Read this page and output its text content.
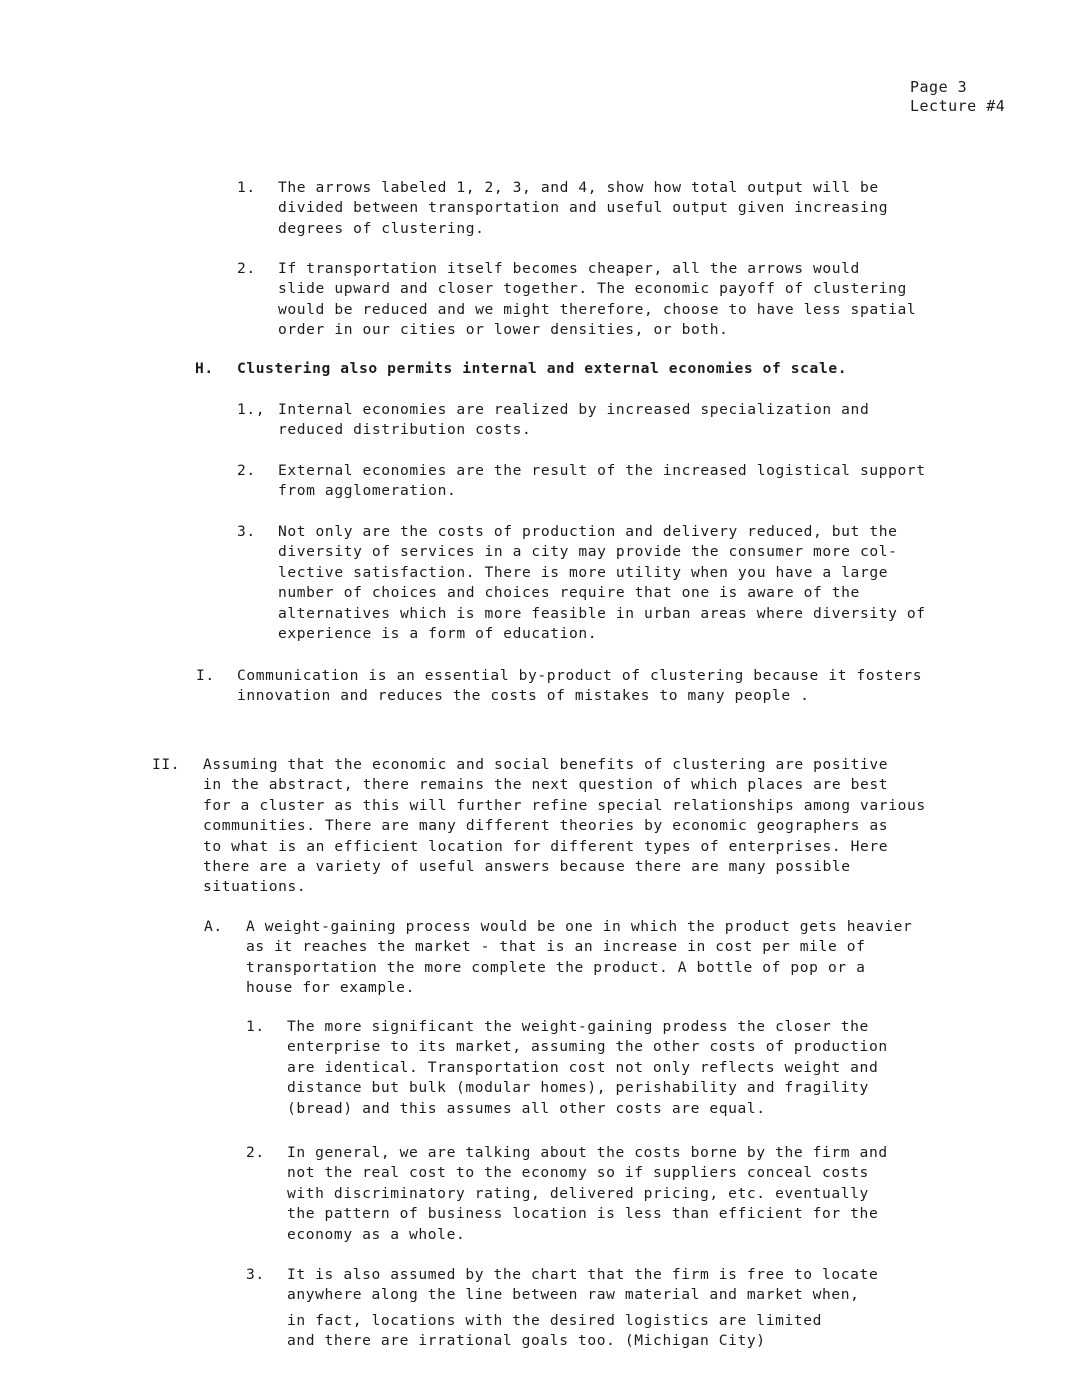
Page 3
Lecture #4
1. The arrows labeled 1, 2, 3, and 4, show how total output will be
divided between transportation and useful output given increasing
degrees of clustering.
2. If transportation itself becomes cheaper, all the arrows would
slide upward and closer together. The economic payoff of clustering
would be reduced and we might therefore, choose to have less spatial
order in our cities or lower densities, or both.
H. Clustering also permits internal and external economies of scale.
1., Internal economies are realized by increased specialization and
reduced distribution costs.
2. External economies are the result of the increased logistical support
from agglomeration.
3. Not only are the costs of production and delivery reduced, but the
diversity of services in a city may provide the consumer more col-
lective satisfaction. There is more utility when you have a large
number of choices and choices require that one is aware of the
alternatives which is more feasible in urban areas where diversity of
experience is a form of education.
I. Communication is an essential by-product of clustering because it fosters
innovation and reduces the costs of mistakes to many people .
II. Assuming that the economic and social benefits of clustering are positive
in the abstract, there remains the next question of which places are best
for a cluster as this will further refine special relationships among various
communities. There are many different theories by economic geographers as
to what is an efficient location for different types of enterprises. Here
there are a variety of useful answers because there are many possible
situations.
A. A weight-gaining process would be one in which the product gets heavier
as it reaches the market - that is an increase in cost per mile of
transportation the more complete the product. A bottle of pop or a
house for example.
1. The more significant the weight-gaining prodess the closer the
enterprise to its market, assuming the other costs of production
are identical. Transportation cost not only reflects weight and
distance but bulk (modular homes), perishability and fragility
(bread) and this assumes all other costs are equal.
2. In general, we are talking about the costs borne by the firm and
not the real cost to the economy so if suppliers conceal costs
with discriminatory rating, delivered pricing, etc. eventually
the pattern of business location is less than efficient for the
economy as a whole.
3. It is also assumed by the chart that the firm is free to locate
anywhere along the line between raw material and market when,
in fact, locations with the desired logistics are limited
and there are irrational goals too. (Michigan City)
